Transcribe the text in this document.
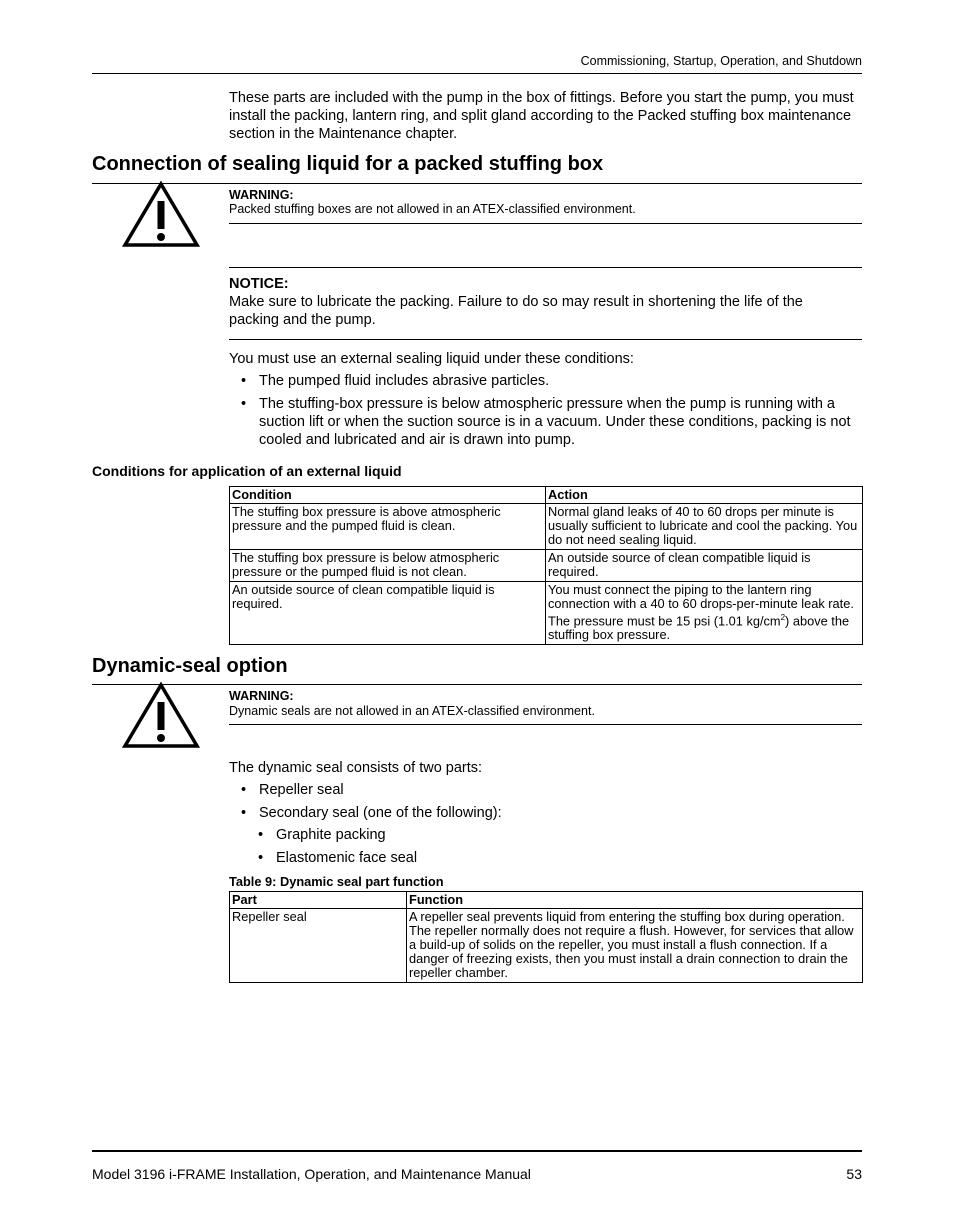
Commissioning, Startup, Operation, and Shutdown
These parts are included with the pump in the box of fittings. Before you start the pump, you must install the packing, lantern ring, and split gland according to the Packed stuffing box maintenance section in the Maintenance chapter.
Connection of sealing liquid for a packed stuffing box
WARNING:
Packed stuffing boxes are not allowed in an ATEX-classified environment.
NOTICE:
Make sure to lubricate the packing. Failure to do so may result in shortening the life of the packing and the pump.
You must use an external sealing liquid under these conditions:
• The pumped fluid includes abrasive particles.
• The stuffing-box pressure is below atmospheric pressure when the pump is running with a suction lift or when the suction source is in a vacuum. Under these conditions, packing is not cooled and lubricated and air is drawn into pump.
Conditions for application of an external liquid
Condition	Action
The stuffing box pressure is above atmospheric pressure and the pumped fluid is clean.	Normal gland leaks of 40 to 60 drops per minute is usually sufficient to lubricate and cool the packing. You do not need sealing liquid.
The stuffing box pressure is below atmospheric pressure or the pumped fluid is not clean.	An outside source of clean compatible liquid is required.
An outside source of clean compatible liquid is required.	You must connect the piping to the lantern ring connection with a 40 to 60 drops-per-minute leak rate. The pressure must be 15 psi (1.01 $kg/cm^2$) above the stuffing box pressure.
Dynamic-seal option
WARNING:
Dynamic seals are not allowed in an ATEX-classified environment.
The dynamic seal consists of two parts:
• Repeller seal
• Secondary seal (one of the following):
• Graphite packing
• Elastomenic face seal
Table 9: Dynamic seal part function
Part	Function
Repeller seal	A repeller seal prevents liquid from entering the stuffing box during operation. The repeller normally does not require a flush. However, for services that allow a build-up of solids on the repeller, you must install a flush connection. If a danger of freezing exists, then you must install a drain connection to drain the repeller chamber.
Model 3196 i-FRAME Installation, Operation, and Maintenance Manual	53
